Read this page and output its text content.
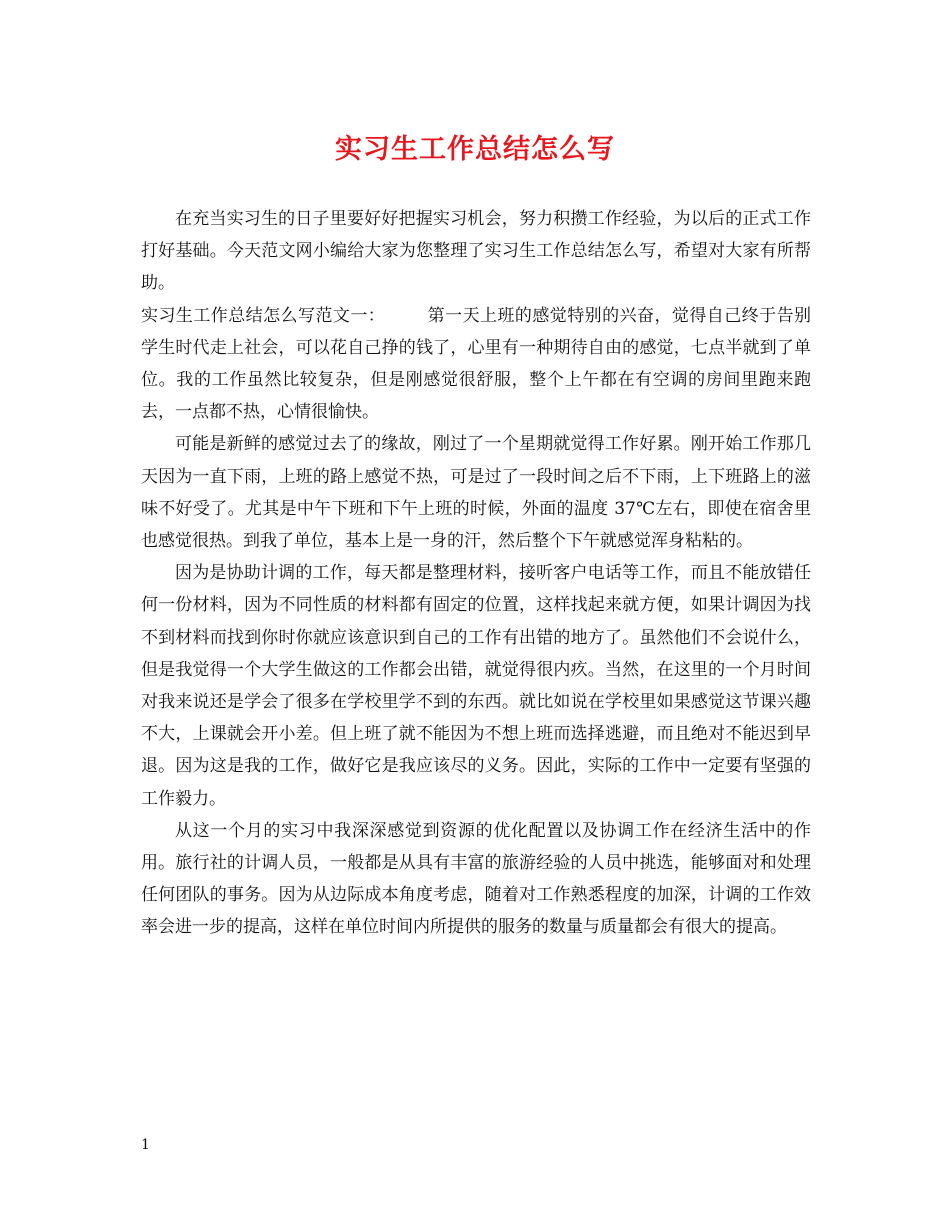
实习生工作总结怎么写

在充当实习生的日子里要好好把握实习机会，努力积攒工作经验，为以后的正式工作打好基础。今天范文网小编给大家为您整理了实习生工作总结怎么写，希望对大家有所帮助。

实习生工作总结怎么写范文一： 第一天上班的感觉特别的兴奋，觉得自己终于告别学生时代走上社会，可以花自己挣的钱了，心里有一种期待自由的感觉，七点半就到了单位。我的工作虽然比较复杂，但是刚感觉很舒服，整个上午都在有空调的房间里跑来跑去，一点都不热，心情很愉快。

可能是新鲜的感觉过去了的缘故，刚过了一个星期就觉得工作好累。刚开始工作那几天因为一直下雨，上班的路上感觉不热，可是过了一段时间之后不下雨，上下班路上的滋味不好受了。尤其是中午下班和下午上班的时候，外面的温度 37℃左右，即使在宿舍里也感觉很热。到我了单位，基本上是一身的汗，然后整个下午就感觉浑身粘粘的。

因为是协助计调的工作，每天都是整理材料，接听客户电话等工作，而且不能放错任何一份材料，因为不同性质的材料都有固定的位置，这样找起来就方便，如果计调因为找不到材料而找到你时你就应该意识到自己的工作有出错的地方了。虽然他们不会说什么，但是我觉得一个大学生做这的工作都会出错，就觉得很内疚。当然，在这里的一个月时间对我来说还是学会了很多在学校里学不到的东西。就比如说在学校里如果感觉这节课兴趣不大，上课就会开小差。但上班了就不能因为不想上班而选择逃避，而且绝对不能迟到早退。因为这是我的工作，做好它是我应该尽的义务。因此，实际的工作中一定要有坚强的工作毅力。

从这一个月的实习中我深深感觉到资源的优化配置以及协调工作在经济生活中的作用。旅行社的计调人员，一般都是从具有丰富的旅游经验的人员中挑选，能够面对和处理任何团队的事务。因为从边际成本角度考虑，随着对工作熟悉程度的加深，计调的工作效率会进一步的提高，这样在单位时间内所提供的服务的数量与质量都会有很大的提高。

1
